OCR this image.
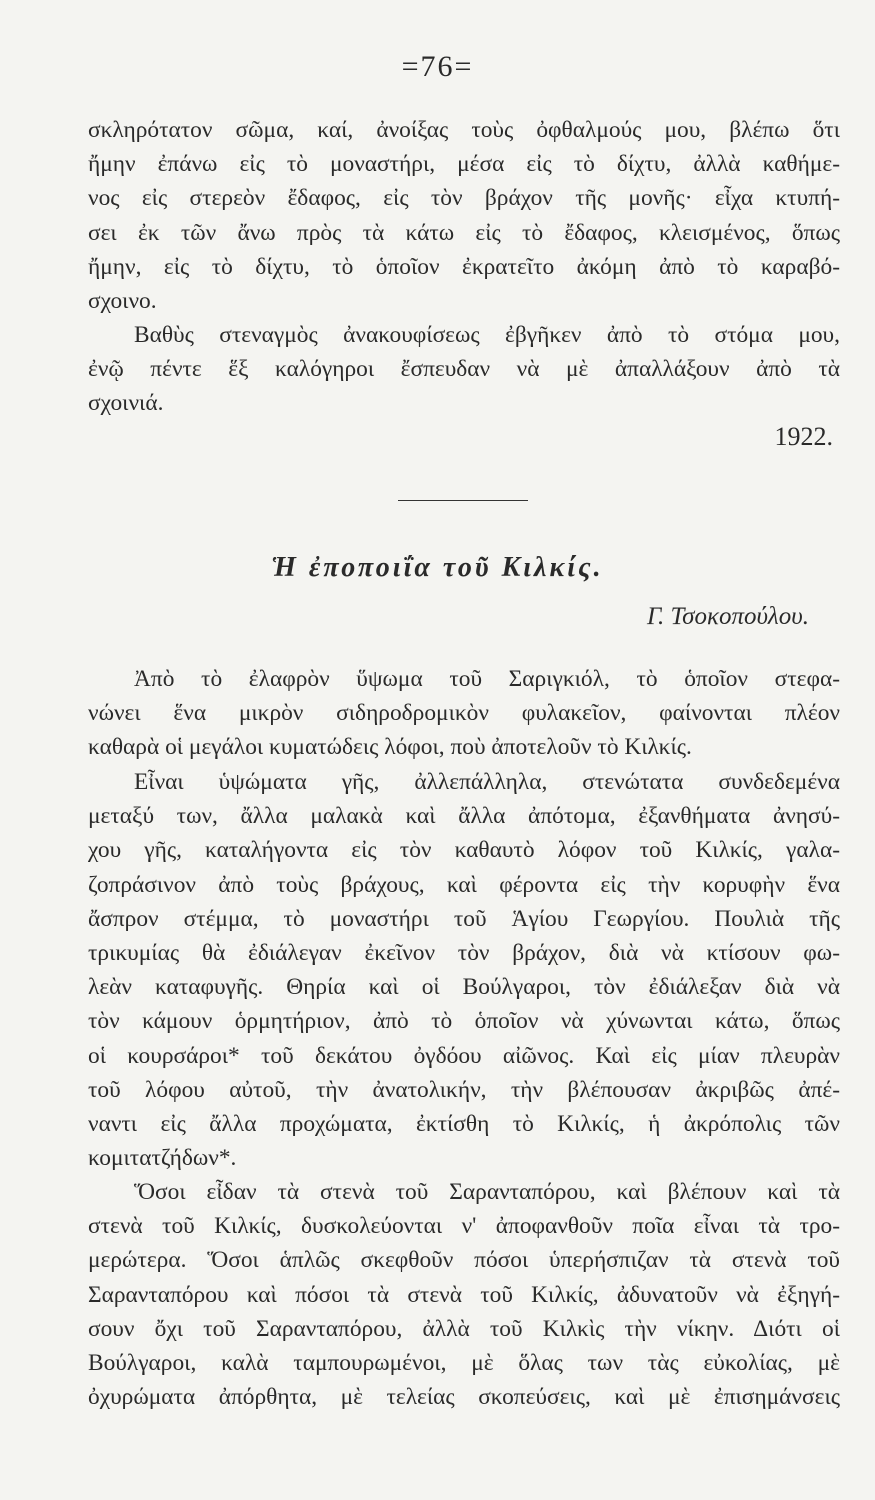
=76=
σκληρότατον σῶμα, καί, ἀνοίξας τοὺς ὀφθαλμούς μου, βλέπω ὅτι
ἤμην ἐπάνω εἰς τὸ μοναστήρι, μέσα εἰς τὸ δίχτυ, ἀλλὰ καθήμε-
νος εἰς στερεὸν ἔδαφος, εἰς τὸν βράχον τῆς μονῆς· εἶχα κτυπή-
σει ἐκ τῶν ἄνω πρὸς τὰ κάτω εἰς τὸ ἔδαφος, κλεισμένος, ὅπως
ἤμην, εἰς τὸ δίχτυ, τὸ ὁποῖον ἐκρατεῖτο ἀκόμη ἀπὸ τὸ καραβό-
σχοινο.
Βαθὺς στεναγμὸς ἀνακουφίσεως ἐβγῆκεν ἀπὸ τὸ στόμα μου,
ἐνῷ πέντε ἕξ καλόγηροι ἔσπευδαν νὰ μὲ ἀπαλλάξουν ἀπὸ τὰ
σχοινιά.
1922.
Ἡ ἐποποιΐα τοῦ Κιλκίς.
Γ. Τσοκοπούλου.
Ἀπὸ τὸ ἐλαφρὸν ὕψωμα τοῦ Σαριγκιόλ, τὸ ὁποῖον στεφα-
νώνει ἕνα μικρὸν σιδηροδρομικὸν φυλακεῖον, φαίνονται πλέον
καθαρὰ οἱ μεγάλοι κυματώδεις λόφοι, ποὺ ἀποτελοῦν τὸ Κιλκίς.
Εἶναι ὑψώματα γῆς, ἀλλεπάλληλα, στενώτατα συνδεδεμένα
μεταξύ των, ἄλλα μαλακὰ καὶ ἄλλα ἀπότομα, ἐξανθήματα ἀνησύ-
χου γῆς, καταλήγοντα εἰς τὸν καθαυτὸ λόφον τοῦ Κιλκίς, γαλα-
ζοπράσινον ἀπὸ τοὺς βράχους, καὶ φέροντα εἰς τὴν κορυφὴν ἕνα
ἄσπρον στέμμα, τὸ μοναστήρι τοῦ Ἁγίου Γεωργίου. Πουλιὰ τῆς
τρικυμίας θὰ ἐδιάλεγαν ἐκεῖνον τὸν βράχον, διὰ νὰ κτίσουν φω-
λεὰν καταφυγῆς. Θηρία καὶ οἱ Βούλγαροι, τὸν ἐδιάλεξαν διὰ νὰ
τὸν κάμουν ὁρμητήριον, ἀπὸ τὸ ὁποῖον νὰ χύνωνται κάτω, ὅπως
οἱ κουρσάροι* τοῦ δεκάτου ὀγδόου αἰῶνος. Καὶ εἰς μίαν πλευρὰν
τοῦ λόφου αὐτοῦ, τὴν ἀνατολικήν, τὴν βλέπουσαν ἀκριβῶς ἀπέ-
ναντι εἰς ἄλλα προχώματα, ἐκτίσθη τὸ Κιλκίς, ἡ ἀκρόπολις τῶν
κομιτατζήδων*.
Ὅσοι εἶδαν τὰ στενὰ τοῦ Σαρανταπόρου, καὶ βλέπουν καὶ τὰ
στενὰ τοῦ Κιλκίς, δυσκολεύονται ν' ἀποφανθοῦν ποῖα εἶναι τὰ τρο-
μερώτερα. Ὅσοι ἁπλῶς σκεφθοῦν πόσοι ὑπερήσπιζαν τὰ στενὰ τοῦ
Σαρανταπόρου καὶ πόσοι τὰ στενὰ τοῦ Κιλκίς, ἀδυνατοῦν νὰ ἐξηγή-
σουν ὄχι τοῦ Σαρανταπόρου, ἀλλὰ τοῦ Κιλκὶς τὴν νίκην. Διότι οἱ
Βούλγαροι, καλὰ ταμπουρωμένοι, μὲ ὅλας των τὰς εὐκολίας, μὲ
ὀχυρώματα ἀπόρθητα, μὲ τελείας σκοπεύσεις, καὶ μὲ ἐπισημάνσεις
